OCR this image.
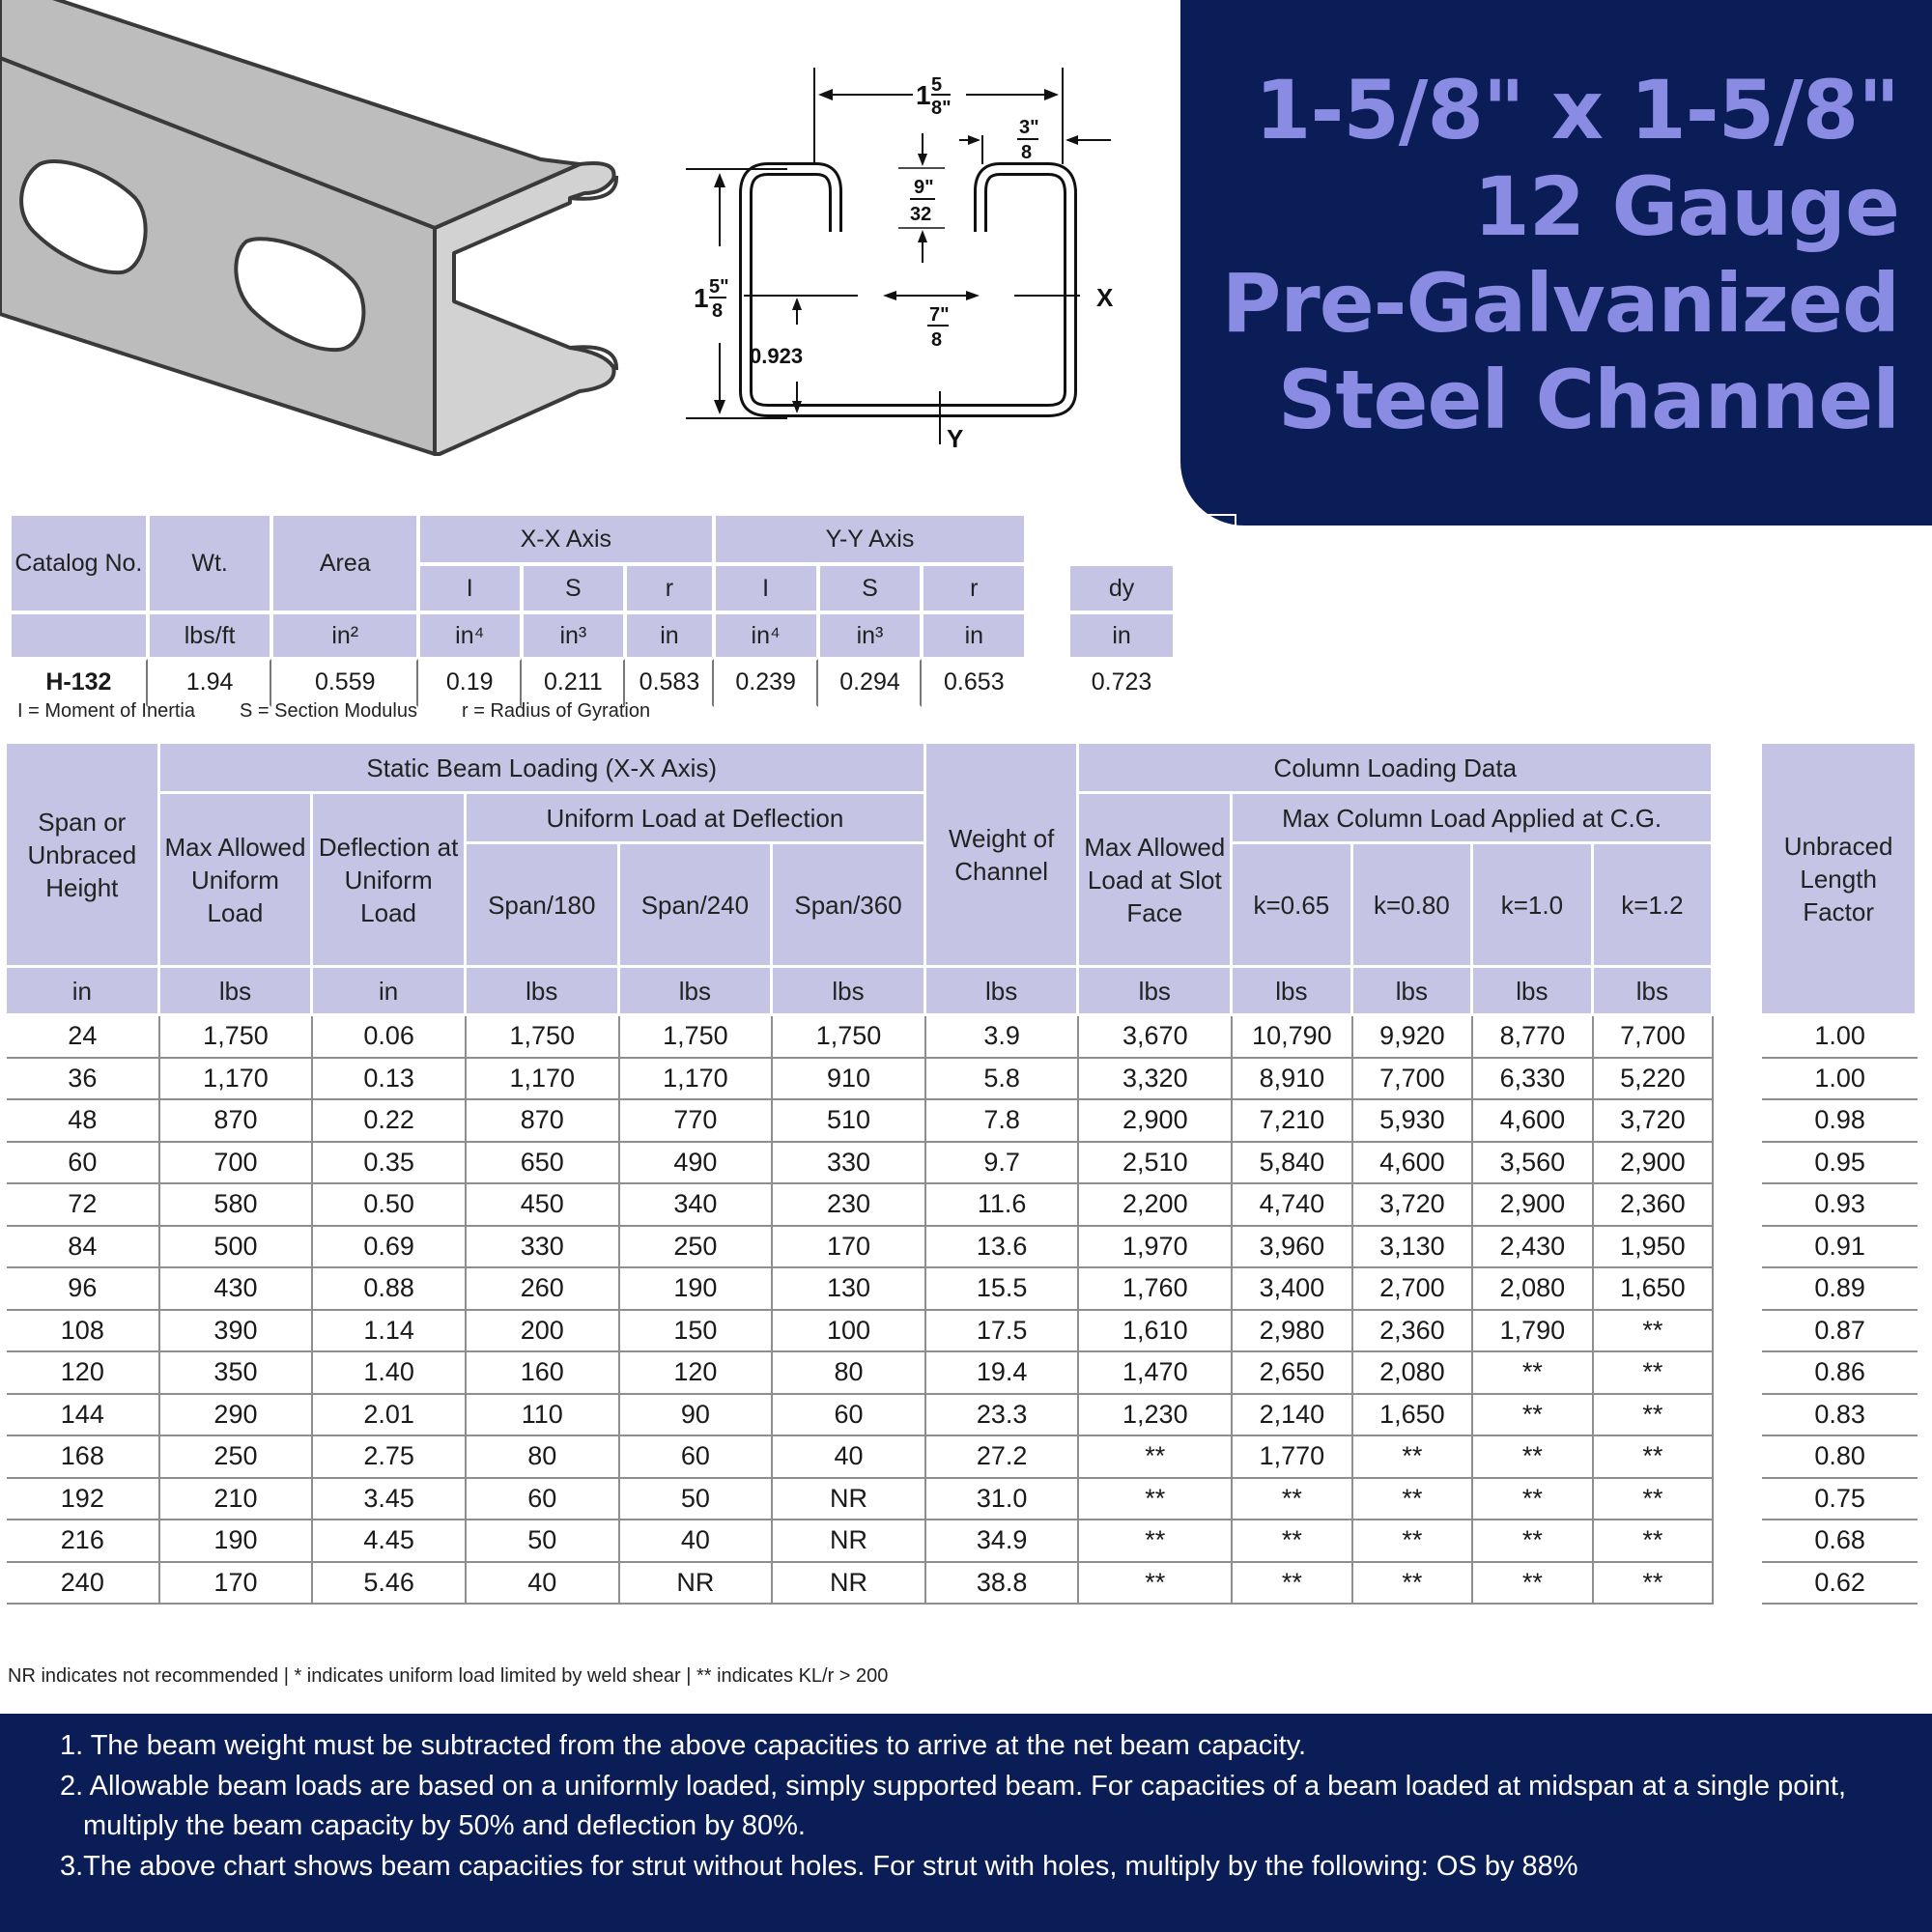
1 5
8"
3"
8
9"
32
1 5"
8
0.923
7"
8
X
Y
1-5/8" x 1-5/8"
12 Gauge
Pre-Galvanized
Steel Channel
Catalog No.	Wt.	Area	X-X Axis			Y-Y Axis					
			I	S	r	I	S	r		dy	
	lbs/ft	in²	in⁴	in³	in	in⁴	in³	in		in	
H-132	1.94	0.559	0.19	0.211	0.583	0.239	0.294	0.653		0.723	
I = Moment of Inertia S = Section Modulus r = Radius of Gyration
Span or Unbraced Height	Static Beam Loading (X-X Axis)					Weight of Channel	Column Loading Data						Unbraced Length Factor
	Max Allowed Uniform Load	Deflection at Uniform Load	Uniform Load at Deflection				Max Allowed Load at Slot Face	Max Column Load Applied at C.G.					
			Span/180	Span/240	Span/360			k=0.65	k=0.80	k=1.0	k=1.2		
in	lbs	in	lbs	lbs	lbs	lbs	lbs	lbs	lbs	lbs	lbs		
24	1,750	0.06	1,750	1,750	1,750	3.9	3,670	10,790	9,920	8,770	7,700		1.00
36	1,170	0.13	1,170	1,170	910	5.8	3,320	8,910	7,700	6,330	5,220		1.00
48	870	0.22	870	770	510	7.8	2,900	7,210	5,930	4,600	3,720		0.98
60	700	0.35	650	490	330	9.7	2,510	5,840	4,600	3,560	2,900		0.95
72	580	0.50	450	340	230	11.6	2,200	4,740	3,720	2,900	2,360		0.93
84	500	0.69	330	250	170	13.6	1,970	3,960	3,130	2,430	1,950		0.91
96	430	0.88	260	190	130	15.5	1,760	3,400	2,700	2,080	1,650		0.89
108	390	1.14	200	150	100	17.5	1,610	2,980	2,360	1,790	**		0.87
120	350	1.40	160	120	80	19.4	1,470	2,650	2,080	**	**		0.86
144	290	2.01	110	90	60	23.3	1,230	2,140	1,650	**	**		0.83
168	250	2.75	80	60	40	27.2	**	1,770	**	**	**		0.80
192	210	3.45	60	50	NR	31.0	**	**	**	**	**		0.75
216	190	4.45	50	40	NR	34.9	**	**	**	**	**		0.68
240	170	5.46	40	NR	NR	38.8	**	**	**	**	**		0.62
NR indicates not recommended | * indicates uniform load limited by weld shear | ** indicates KL/r > 200
1. The beam weight must be subtracted from the above capacities to arrive at the net beam capacity.
2. Allowable beam loads are based on a uniformly loaded, simply supported beam. For capacities of a beam loaded at midspan at a single point,
multiply the beam capacity by 50% and deflection by 80%.
3.The above chart shows beam capacities for strut without holes. For strut with holes, multiply by the following: OS by 88%
